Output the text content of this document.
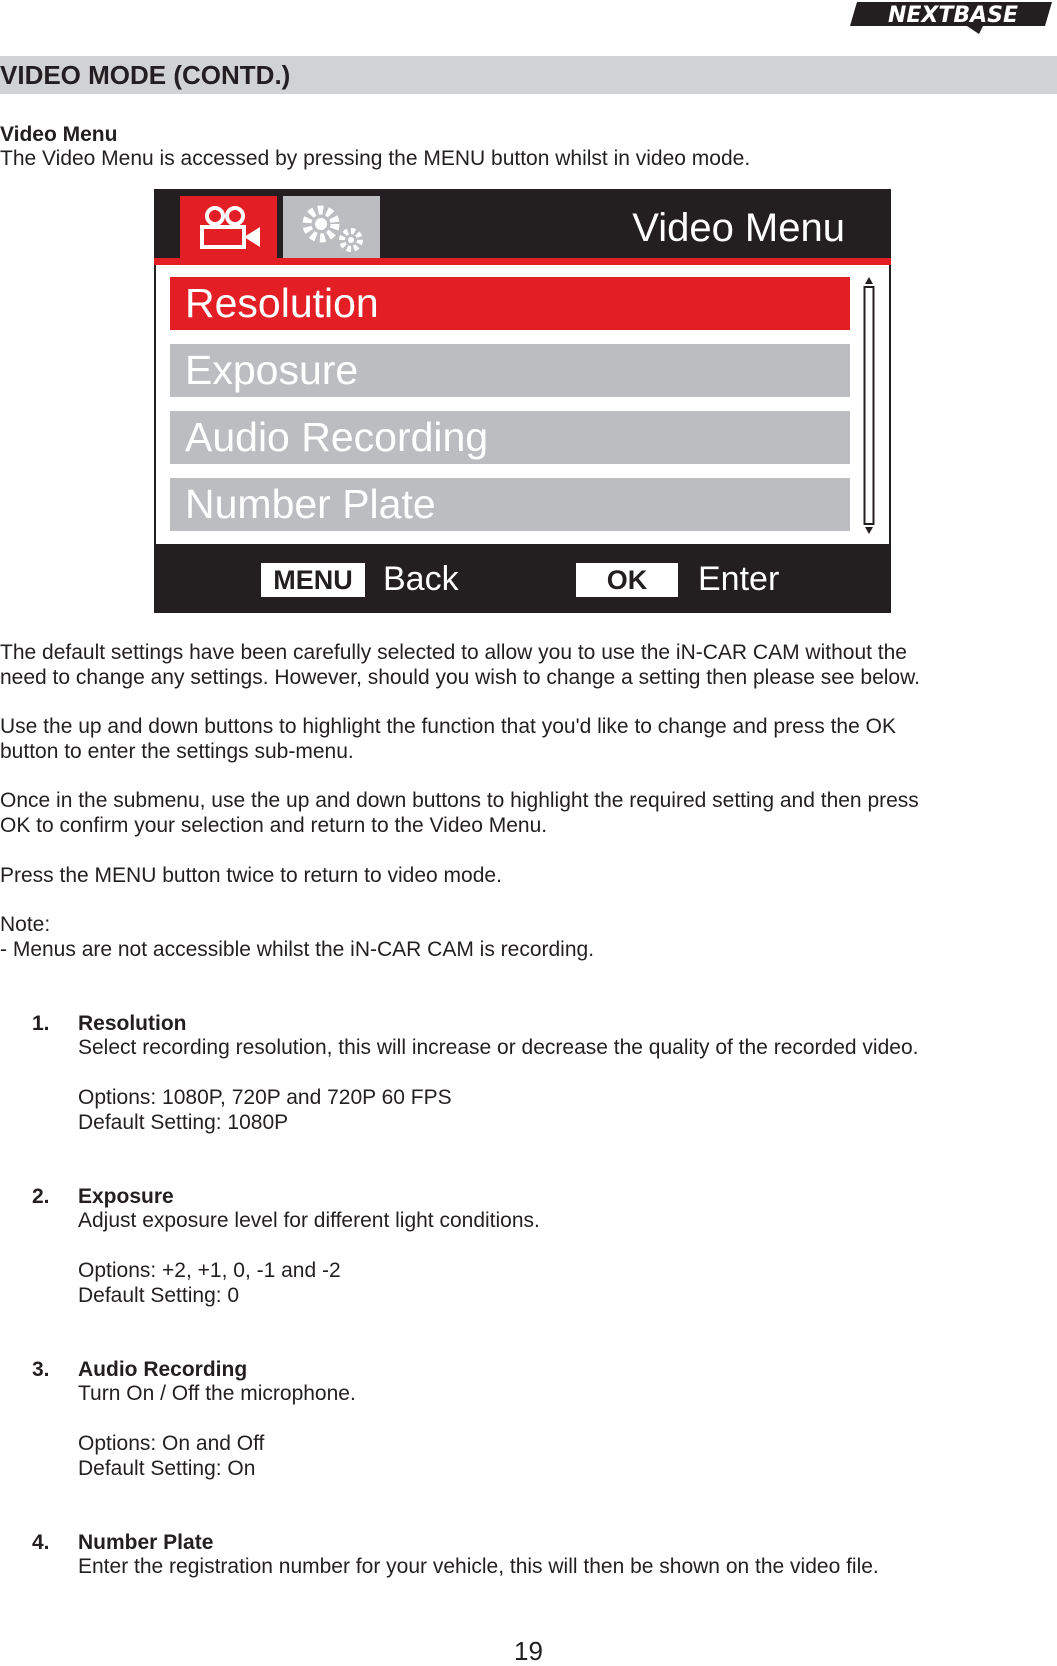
NEXTBASE
VIDEO MODE (CONTD.)

Video Menu

The Video Menu is accessed by pressing the MENU button whilst in video mode.

Video Menu
Resolution
Exposure
Audio Recording
Number Plate
MENU Back	OK	Enter

The default settings have been carefully selected to allow you to use the iN-CAR CAM without the

need to change any settings. However, should you wish to change a setting then please see below.

Use the up and down buttons to highlight the function that you'd like to change and press the OK

button to enter the settings sub-menu.

Once in the submenu, use the up and down buttons to highlight the required setting and then press

OK to confirm your selection and return to the Video Menu.

Press the MENU button twice to return to video mode.

Note:

- Menus are not accessible whilst the iN-CAR CAM is recording.

1. Resolution

Select recording resolution, this will increase or decrease the quality of the recorded video.

Options: 1080P, 720P and 720P 60 FPS

Default Setting: 1080P

2. Exposure

Adjust exposure level for different light conditions.

Options: +2, +1, 0, -1 and -2

Default Setting: 0

3. Audio Recording

Turn On / Off the microphone.

Options: On and Off

Default Setting: On

4. Number Plate

Enter the registration number for your vehicle, this will then be shown on the video file.

19
